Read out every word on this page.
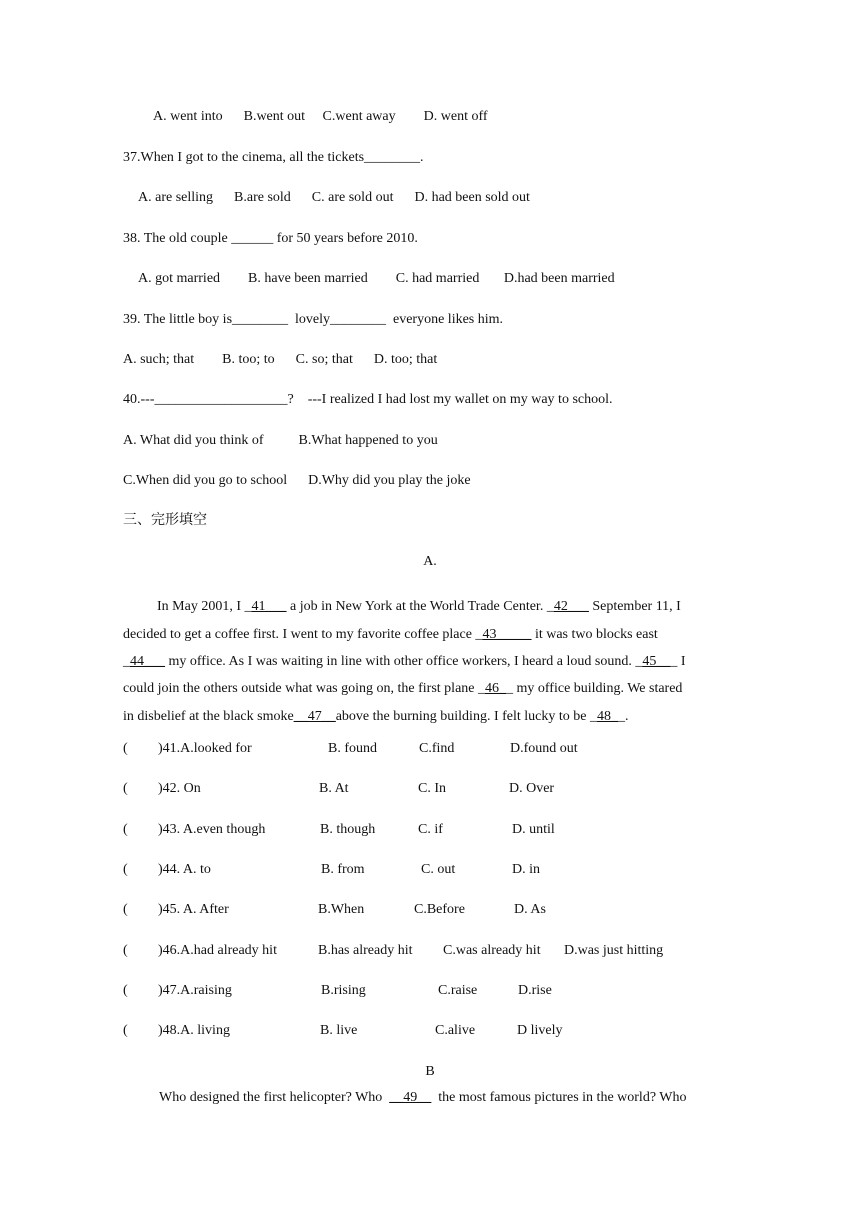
A. went into      B.went out     C.went away        D. went off
37.When I got to the cinema, all the tickets________.
A. are selling      B.are sold      C. are sold out      D. had been sold out
38. The old couple ______ for 50 years before 2010.
A. got married        B. have been married        C. had married       D.had been married
39. The little boy is________  lovely________  everyone likes him.
A. such; that        B. too; to      C. so; that      D. too; that
40.---___________________?    ---I realized I had lost my wallet on my way to school.
A. What did you think of          B.What happened to you
C.When did you go to school      D.Why did you play the joke
三、完形填空
A.
In May 2001, I _41___ a job in New York at the World Trade Center. _42___ September 11, I
decided to get a coffee first. I went to my favorite coffee place _43_____ it was two blocks east
_44___ my office. As I was waiting in line with other office workers, I heard a loud sound. _45___ I
could join the others outside what was going on, the first plane _46__ my office building. We stared
in disbelief at the black smoke__47__above the burning building. I felt lucky to be _48__.
( )41.A.looked for	B. found	C.find	D.found out
( )42. On	B. At	C. In	D. Over
( )43. A.even though	B. though	C. if	D. until
( )44. A. to	B. from	C. out	D. in
( )45. A. After	B.When	C.Before	D. As
( )46.A.had already hit	B.has already hit C.was already hit D.was just hitting
( )47.A.raising	B.rising	C.raise	D.rise
( )48.A. living	B. live	C.alive	D lively
B
Who designed the first helicopter? Who  __49__  the most famous pictures in the world? Who
